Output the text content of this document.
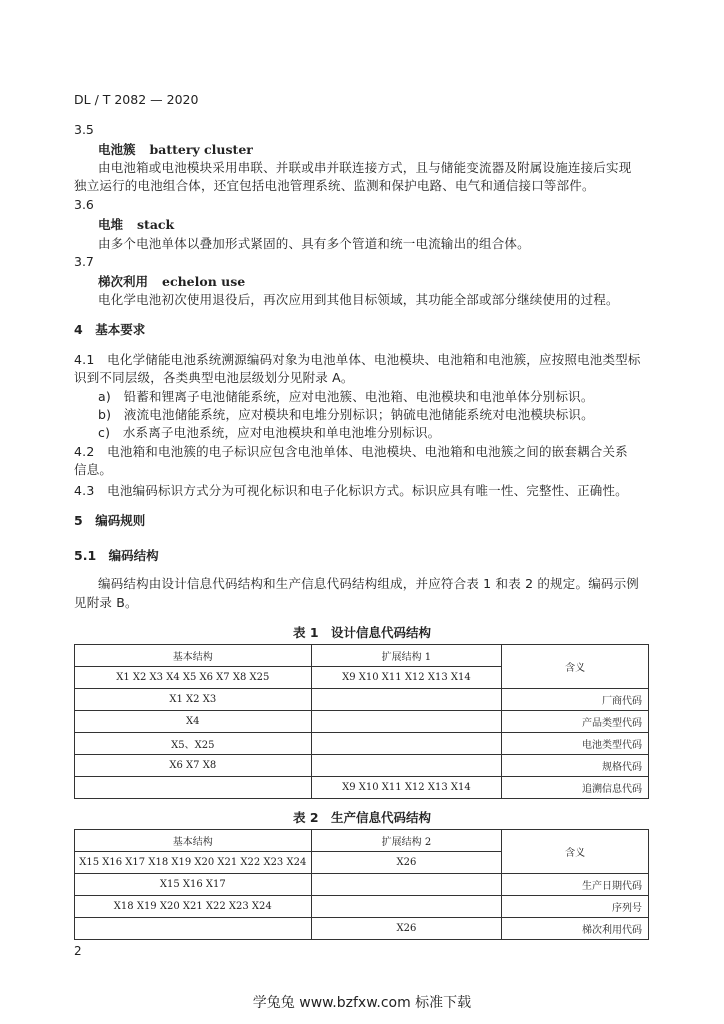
DL / T 2082 — 2020
3.5
电池簇 battery cluster
由电池箱或电池模块采用串联、并联或串并联连接方式，且与储能变流器及附属设施连接后实现
独立运行的电池组合体，还宜包括电池管理系统、监测和保护电路、电气和通信接口等部件。
3.6
电堆 stack
由多个电池单体以叠加形式紧固的、具有多个管道和统一电流输出的组合体。
3.7
梯次利用 echelon use
电化学电池初次使用退役后，再次应用到其他目标领域，其功能全部或部分继续使用的过程。
4　基本要求
4.1　电化学储能电池系统溯源编码对象为电池单体、电池模块、电池箱和电池簇，应按照电池类型标
识到不同层级，各类典型电池层级划分见附录 A。
a)　铅蓄和锂离子电池储能系统，应对电池簇、电池箱、电池模块和电池单体分别标识。
b)　液流电池储能系统，应对模块和电堆分别标识；钠硫电池储能系统对电池模块标识。
c)　水系离子电池系统，应对电池模块和单电池堆分别标识。
4.2　电池箱和电池簇的电子标识应包含电池单体、电池模块、电池箱和电池簇之间的嵌套耦合关系
信息。
4.3　电池编码标识方式分为可视化标识和电子化标识方式。标识应具有唯一性、完整性、正确性。
5　编码规则
5.1　编码结构
编码结构由设计信息代码结构和生产信息代码结构组成，并应符合表 1 和表 2 的规定。编码示例
见附录 B。
表 1　设计信息代码结构
基本结构	扩展结构 1	含义
X1 X2 X3 X4 X5 X6 X7 X8 X25	X9 X10 X11 X12 X13 X14	
X1 X2 X3		厂商代码
X4		产品类型代码
X5、X25		电池类型代码
X6 X7 X8		规格代码
	X9 X10 X11 X12 X13 X14	追溯信息代码
表 2　生产信息代码结构
基本结构	扩展结构 2	含义
X15 X16 X17 X18 X19 X20 X21 X22 X23 X24	X26	
X15 X16 X17		生产日期代码
X18 X19 X20 X21 X22 X23 X24		序列号
	X26	梯次利用代码
2
学兔兔 www.bzfxw.com 标准下载
